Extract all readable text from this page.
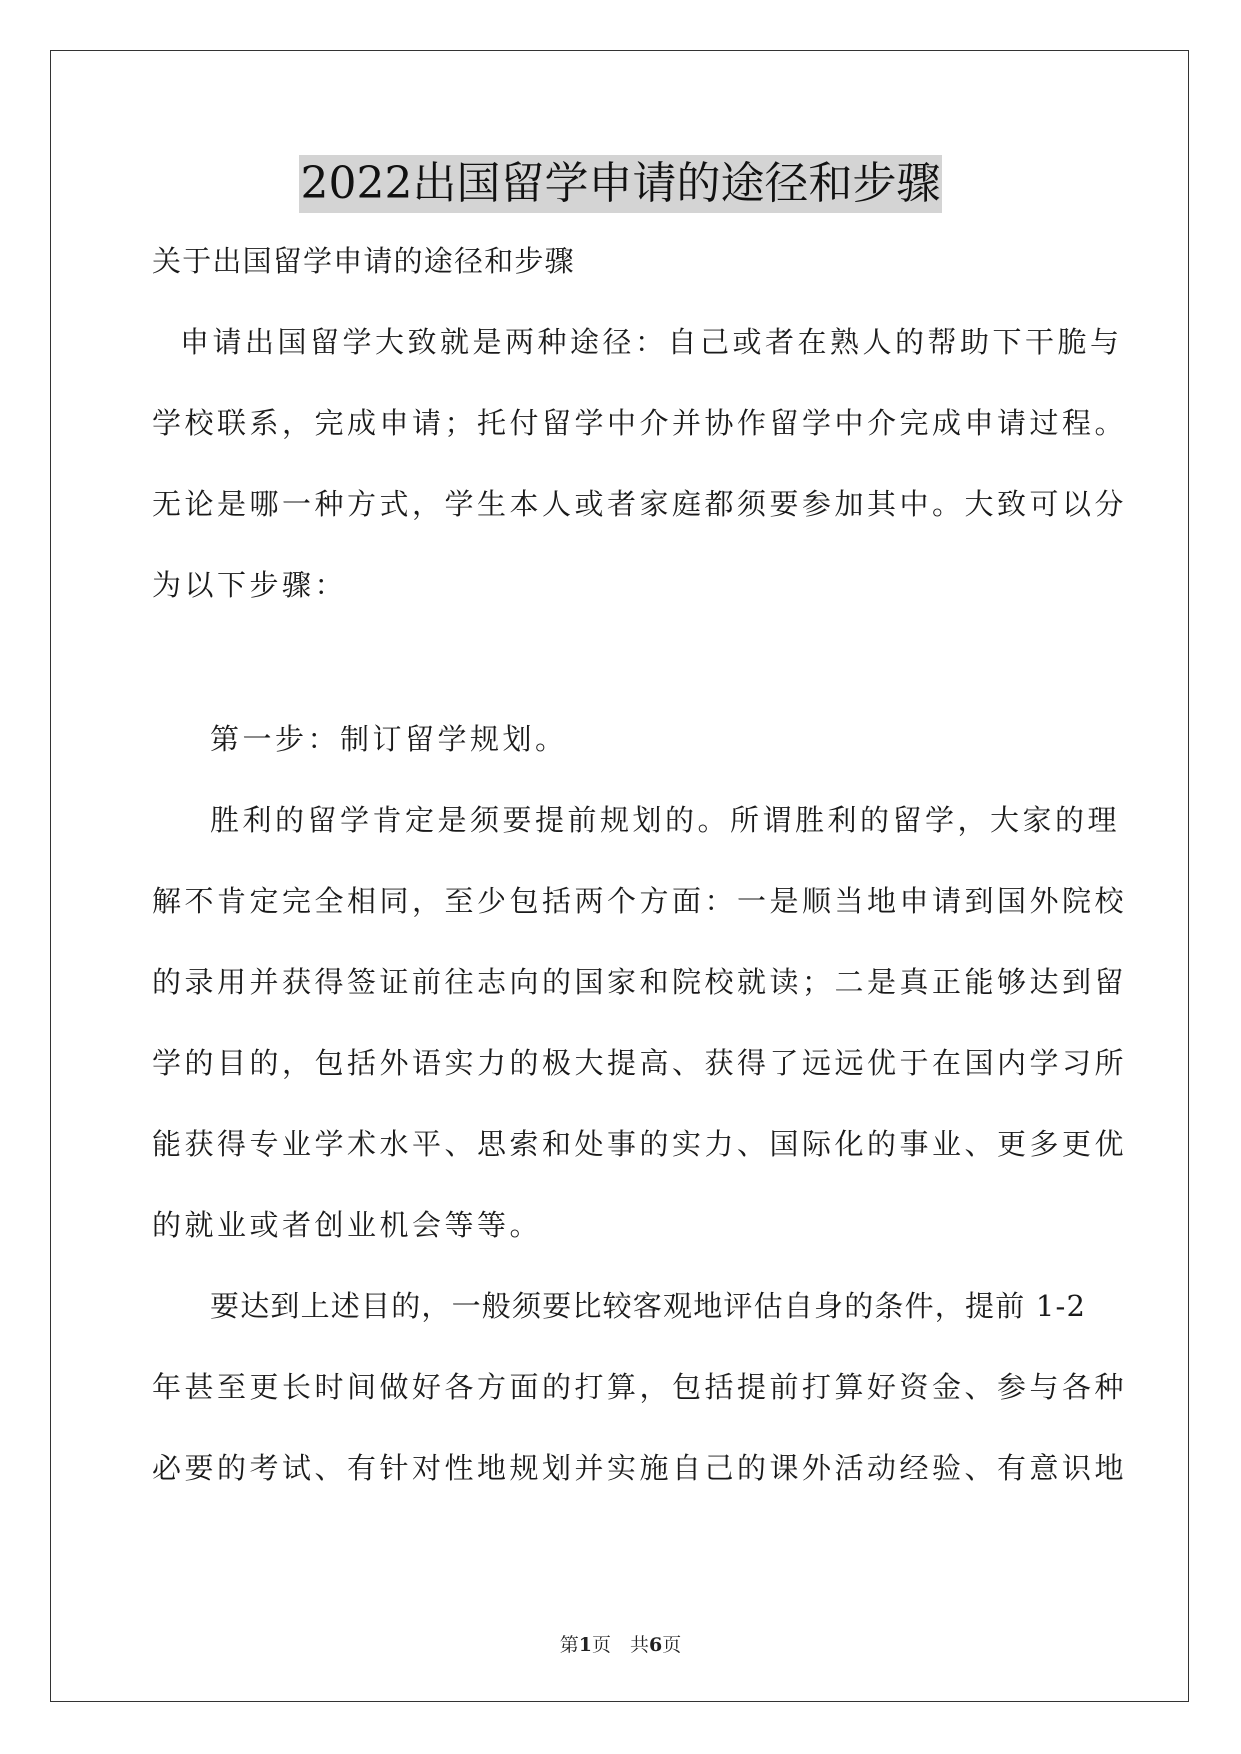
2022出国留学申请的途径和步骤
关于出国留学申请的途径和步骤
申请出国留学大致就是两种途径：自己或者在熟人的帮助下干脆与
学校联系，完成申请；托付留学中介并协作留学中介完成申请过程。
无论是哪一种方式，学生本人或者家庭都须要参加其中。大致可以分
为以下步骤：
第一步：制订留学规划。
胜利的留学肯定是须要提前规划的。所谓胜利的留学，大家的理
解不肯定完全相同，至少包括两个方面：一是顺当地申请到国外院校
的录用并获得签证前往志向的国家和院校就读；二是真正能够达到留
学的目的，包括外语实力的极大提高、获得了远远优于在国内学习所
能获得专业学术水平、思索和处事的实力、国际化的事业、更多更优
的就业或者创业机会等等。
要达到上述目的，一般须要比较客观地评估自身的条件，提前 1-2
年甚至更长时间做好各方面的打算，包括提前打算好资金、参与各种
必要的考试、有针对性地规划并实施自己的课外活动经验、有意识地
第1页　共6页
